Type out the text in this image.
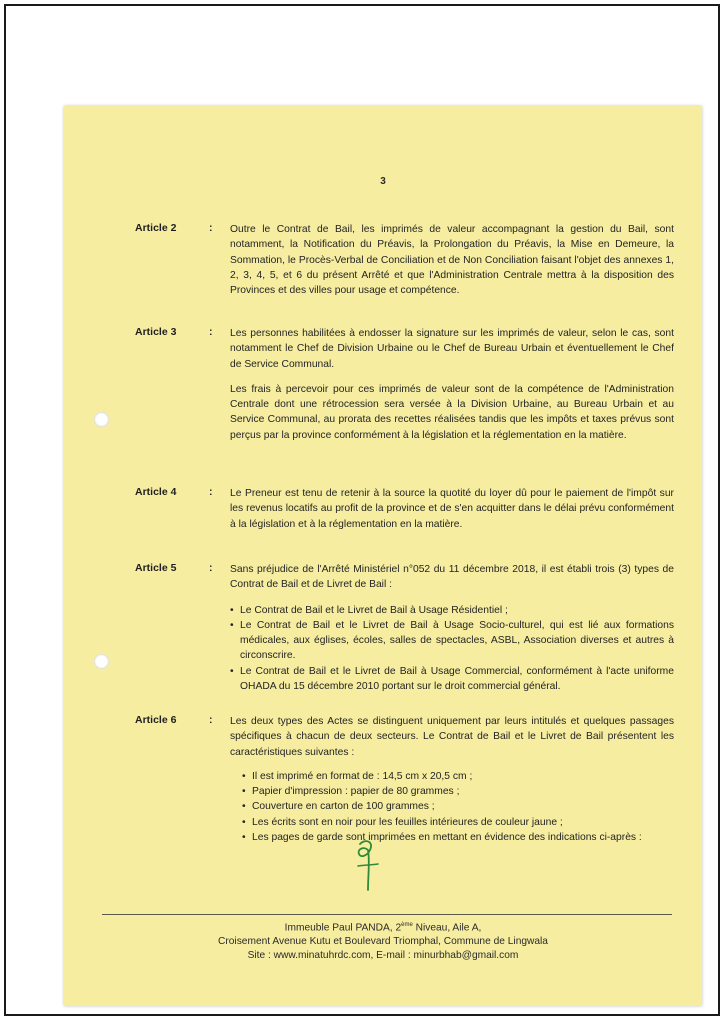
3
Article 2	: Outre le Contrat de Bail, les imprimés de valeur accompagnant la gestion du Bail, sont notamment, la Notification du Préavis, la Prolongation du Préavis, la Mise en Demeure, la Sommation, le Procès-Verbal de Conciliation et de Non Conciliation faisant l'objet des annexes 1, 2, 3, 4, 5, et 6 du présent Arrêté et que l'Administration Centrale mettra à la disposition des Provinces et des villes pour usage et compétence.

Article 3	: Les personnes habilitées à endosser la signature sur les imprimés de valeur, selon le cas, sont notamment le Chef de Division Urbaine ou le Chef de Bureau Urbain et éventuellement le Chef de Service Communal.

Les frais à percevoir pour ces imprimés de valeur sont de la compétence de l'Administration Centrale dont une rétrocession sera versée à la Division Urbaine, au Bureau Urbain et au Service Communal, au prorata des recettes réalisées tandis que les impôts et taxes prévus sont perçus par la province conformément à la législation et la réglementation en la matière.

Article 4	: Le Preneur est tenu de retenir à la source la quotité du loyer dû pour le paiement de l'impôt sur les revenus locatifs au profit de la province et de s'en acquitter dans le délai prévu conformément à la législation et à la réglementation en la matière.

Article 5	: Sans préjudice de l'Arrêté Ministériel n°052 du 11 décembre 2018, il est établi trois (3) types de Contrat de Bail et de Livret de Bail :

• Le Contrat de Bail et le Livret de Bail à Usage Résidentiel ;
• Le Contrat de Bail et le Livret de Bail à Usage Socio-culturel, qui est lié aux formations médicales, aux églises, écoles, salles de spectacles, ASBL, Association diverses et autres à circonscrire.
• Le Contrat de Bail et le Livret de Bail à Usage Commercial, conformément à l'acte uniforme OHADA du 15 décembre 2010 portant sur le droit commercial général.
Article 6	: Les deux types des Actes se distinguent uniquement par leurs intitulés et quelques passages spécifiques à chacun de deux secteurs. Le Contrat de Bail et le Livret de Bail présentent les caractéristiques suivantes :

• Il est imprimé en format de : 14,5 cm x 20,5 cm ;
• Papier d'impression : papier de 80 grammes ;
• Couverture en carton de 100 grammes ;
• Les écrits sont en noir pour les feuilles intérieures de couleur jaune ;
• Les pages de garde sont imprimées en mettant en évidence des indications ci-après :
Immeuble Paul PANDA, 2ème Niveau, Aile A,
Croisement Avenue Kutu et Boulevard Triomphal, Commune de Lingwala
Site : www.minatuhrdc.com, E-mail : minurbhab@gmail.com
